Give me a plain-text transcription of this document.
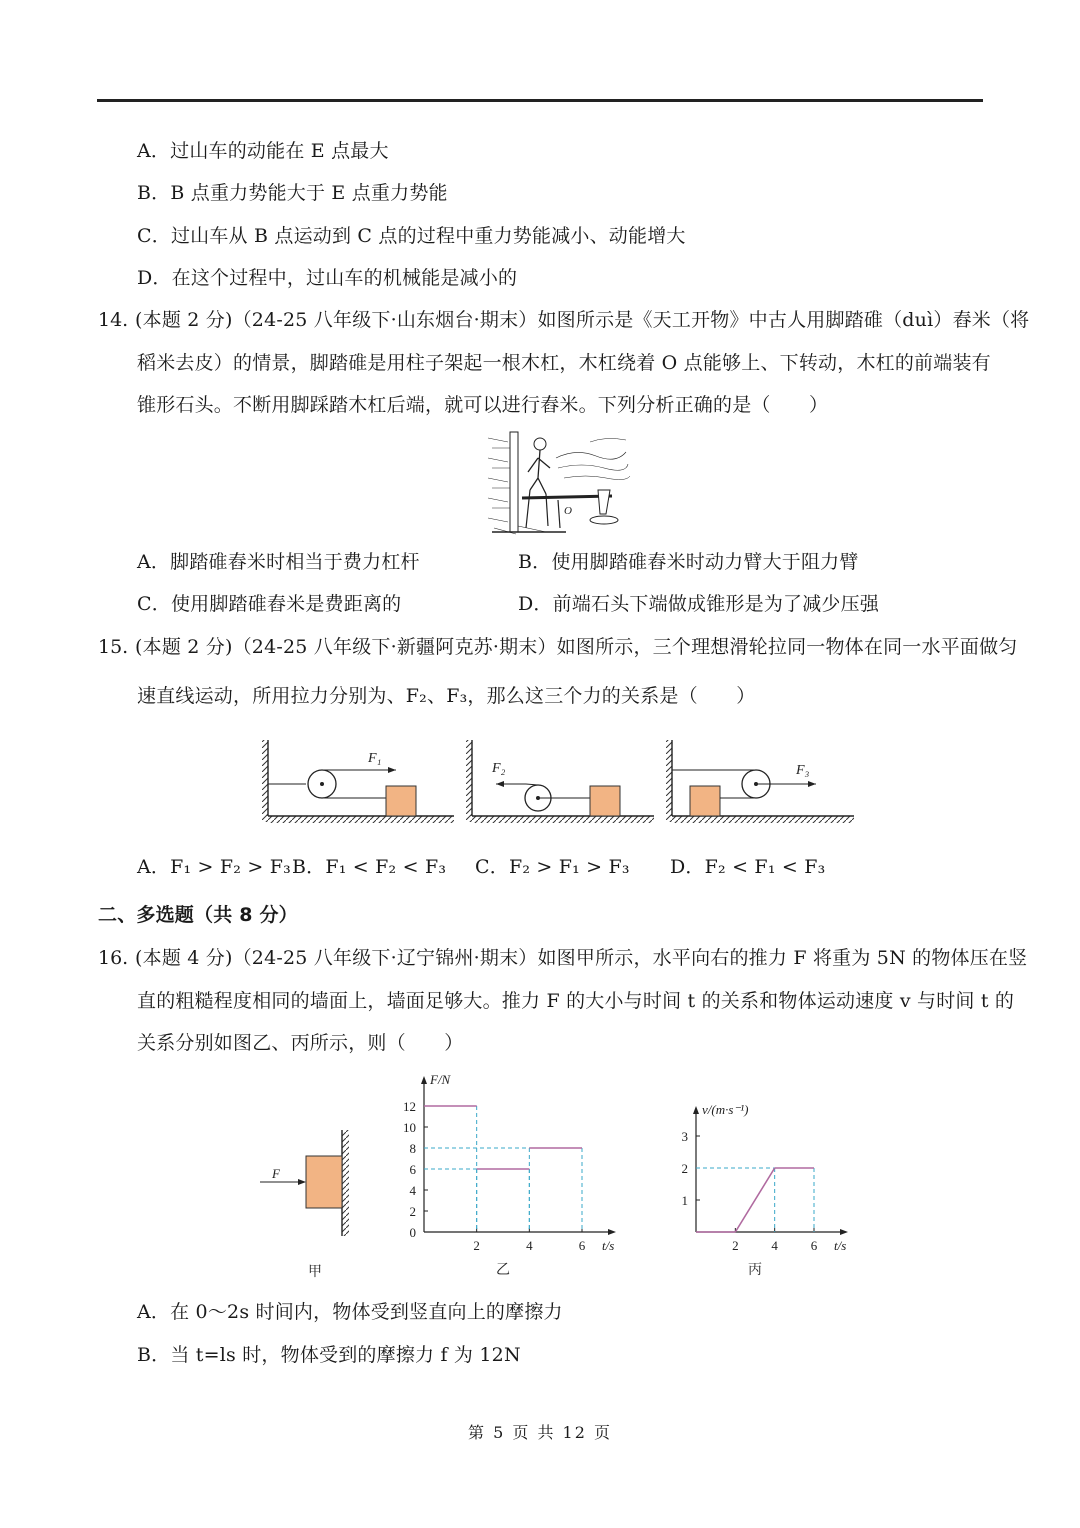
A．过山车的动能在 E 点最大
B．B 点重力势能大于 E 点重力势能
C．过山车从 B 点运动到 C 点的过程中重力势能减小、动能增大
D．在这个过程中，过山车的机械能是减小的
14. (本题 2 分)（24-25 八年级下·山东烟台·期末）如图所示是《天工开物》中古人用脚踏碓（duì）舂米（将
稻米去皮）的情景，脚踏碓是用柱子架起一根木杠，木杠绕着 O 点能够上、下转动，木杠的前端装有
锥形石头。不断用脚踩踏木杠后端，就可以进行舂米。下列分析正确的是（　　）
O
A．脚踏碓舂米时相当于费力杠杆	B．使用脚踏碓舂米时动力臂大于阻力臂
C．使用脚踏碓舂米是费距离的	D．前端石头下端做成锥形是为了减少压强
15. (本题 2 分)（24-25 八年级下·新疆阿克苏·期末）如图所示，三个理想滑轮拉同一物体在同一水平面做匀
速直线运动，所用拉力分别为、F₂、F₃，那么这三个力的关系是（　　）
F₁
F₂	F₃
A．F₁ > F₂ > F₃ B．F₁ < F₂ < F₃ C．F₂ > F₁ > F₃ D．F₂ < F₁ < F₃
二、多选题（共 8 分）
16. (本题 4 分)（24-25 八年级下·辽宁锦州·期末）如图甲所示，水平向右的推力 F 将重为 5N 的物体压在竖
直的粗糙程度相同的墙面上，墙面足够大。推力 F 的大小与时间 t 的关系和物体运动速度 v 与时间 t 的
关系分别如图乙、丙所示，则（　　）
F
甲
0
2
4
6
8
10
12
2	4	6
F/N
t/s
乙
1
2
3
2	4	6
v/(m·s⁻¹)
t/s
丙
A．在 0～2s 时间内，物体受到竖直向上的摩擦力
B．当 t=ls 时，物体受到的摩擦力 f 为 12N
第 5 页 共 12 页
